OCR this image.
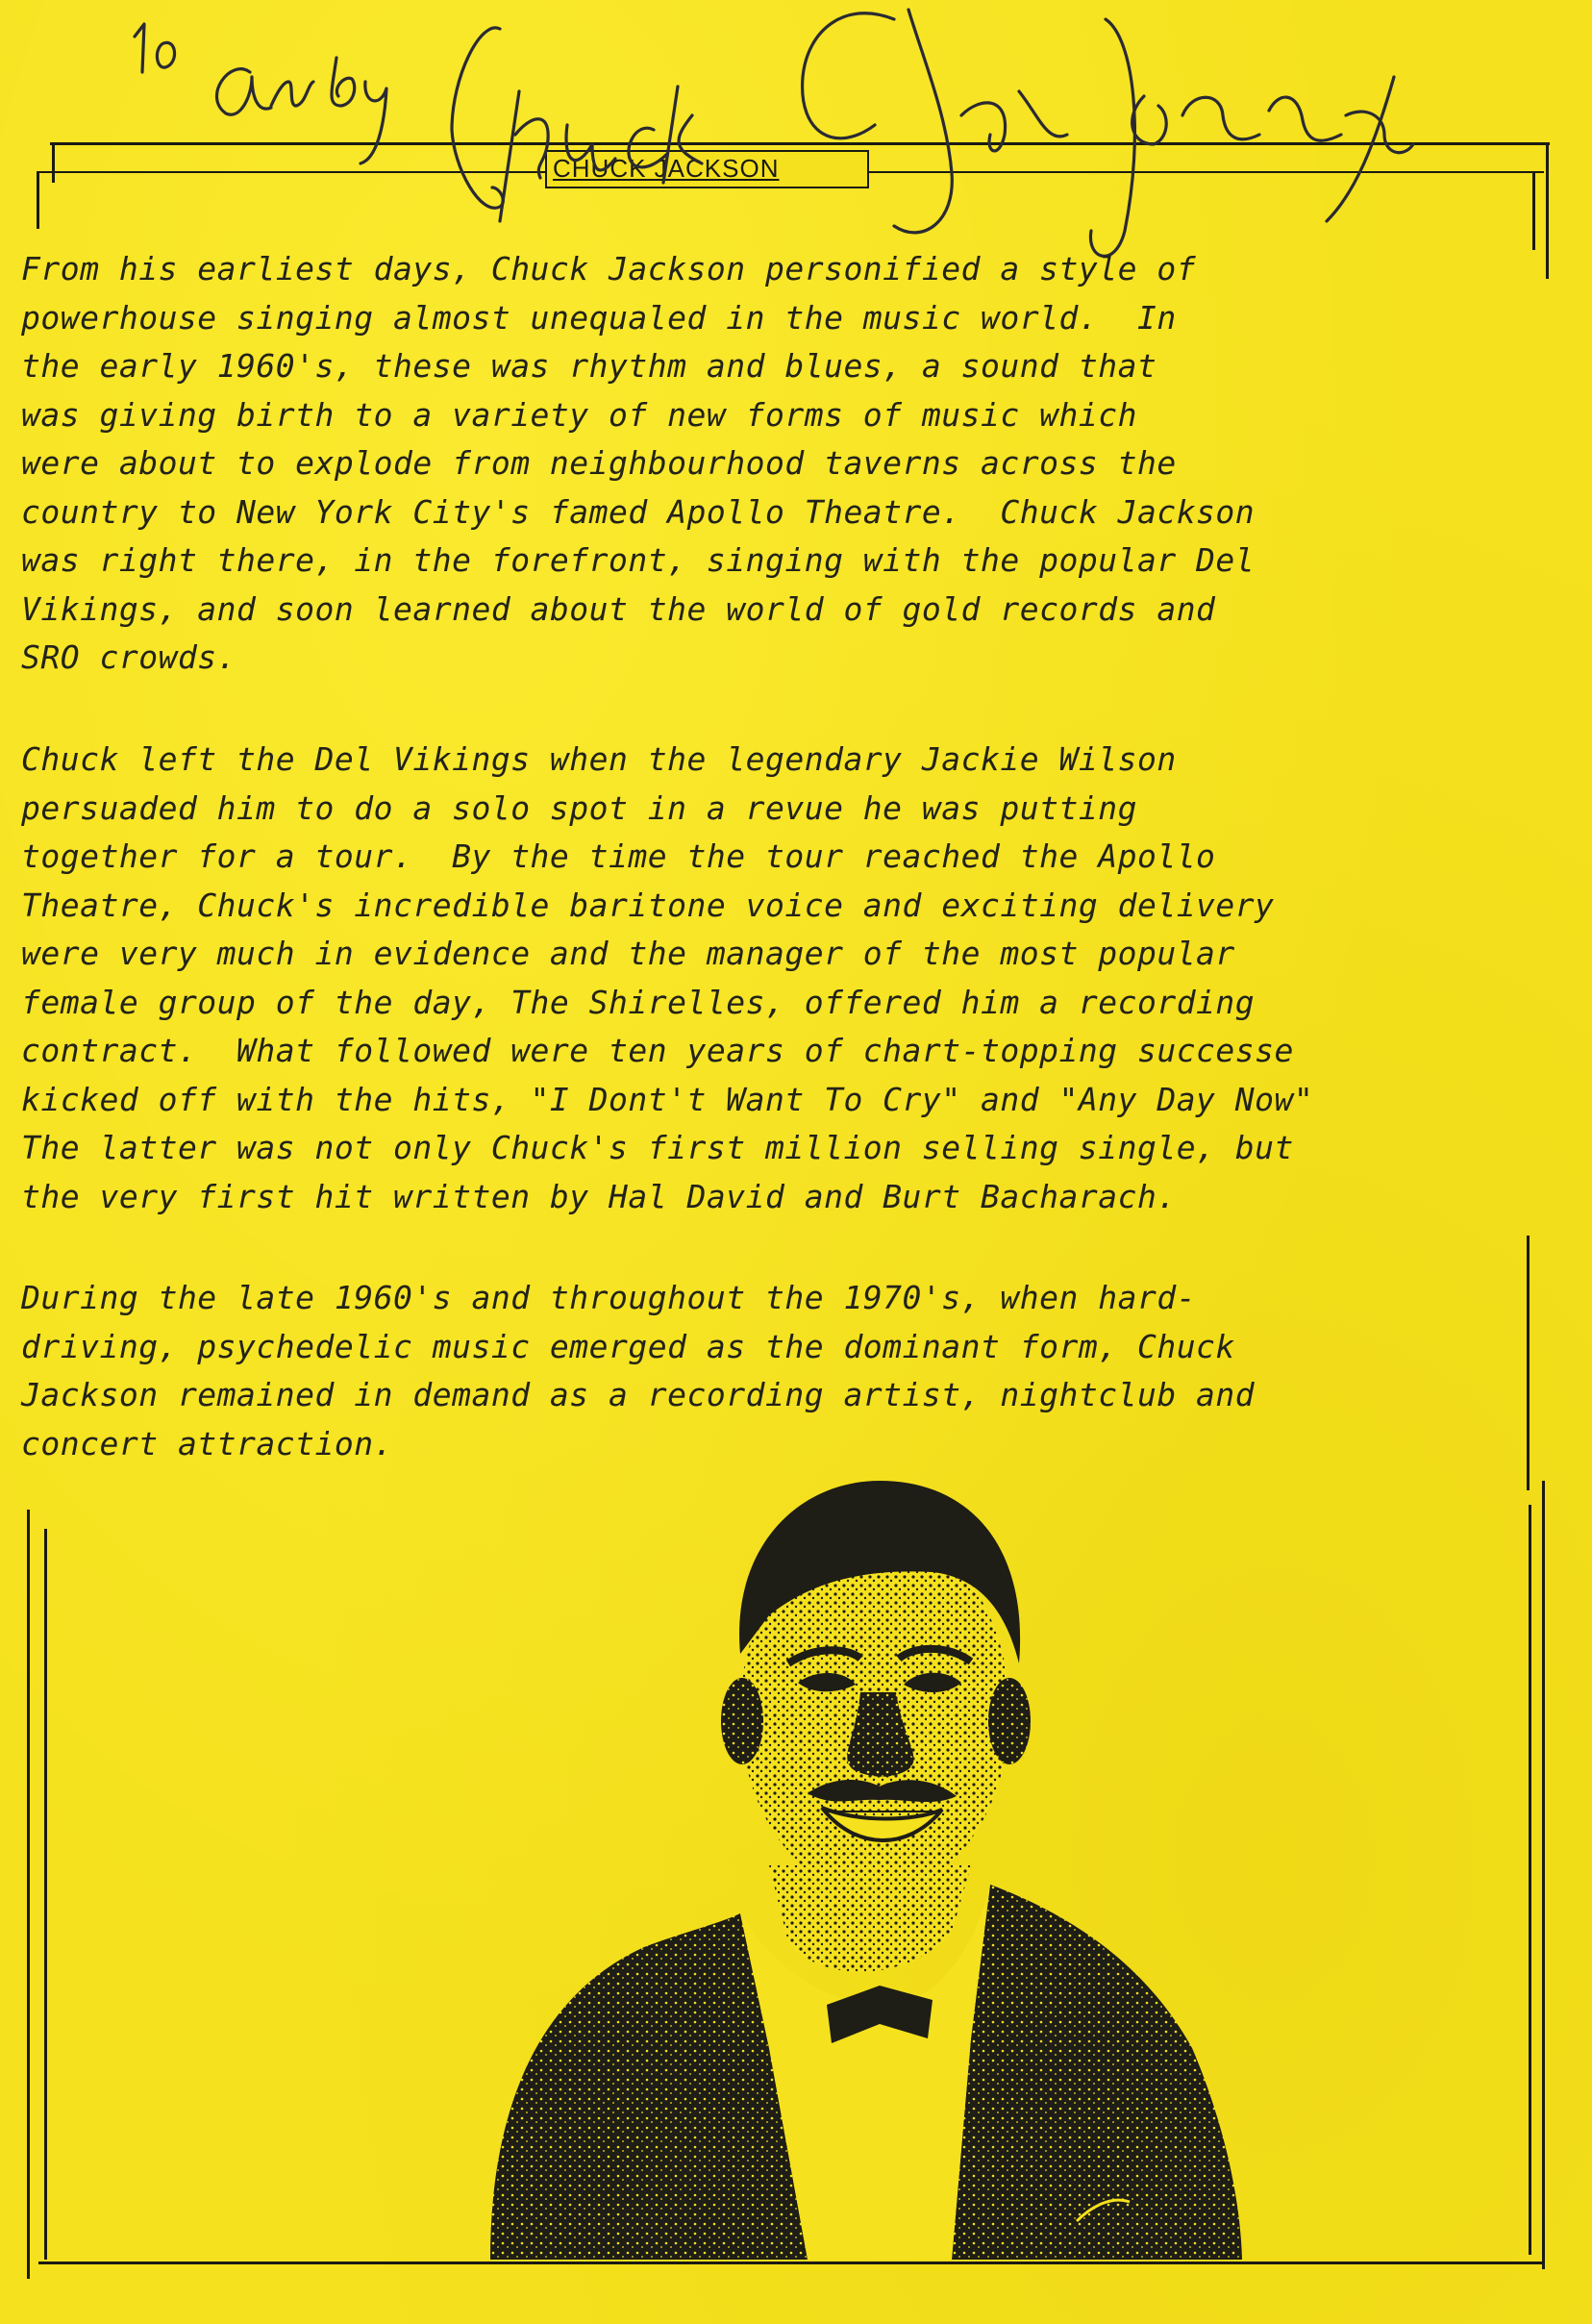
CHUCK JACKSON
From his earliest days, Chuck Jackson personified a style of
powerhouse singing almost unequaled in the music world.  In
the early 1960's, these was rhythm and blues, a sound that
was giving birth to a variety of new forms of music which
were about to explode from neighbourhood taverns across the
country to New York City's famed Apollo Theatre.  Chuck Jackson
was right there, in the forefront, singing with the popular Del
Vikings, and soon learned about the world of gold records and
SRO crowds.
Chuck left the Del Vikings when the legendary Jackie Wilson
persuaded him to do a solo spot in a revue he was putting
together for a tour.  By the time the tour reached the Apollo
Theatre, Chuck's incredible baritone voice and exciting delivery
were very much in evidence and the manager of the most popular
female group of the day, The Shirelles, offered him a recording
contract.  What followed were ten years of chart-topping successe
kicked off with the hits, "I Dont't Want To Cry" and "Any Day Now"
The latter was not only Chuck's first million selling single, but
the very first hit written by Hal David and Burt Bacharach.
During the late 1960's and throughout the 1970's, when hard-
driving, psychedelic music emerged as the dominant form, Chuck
Jackson remained in demand as a recording artist, nightclub and
concert attraction.
